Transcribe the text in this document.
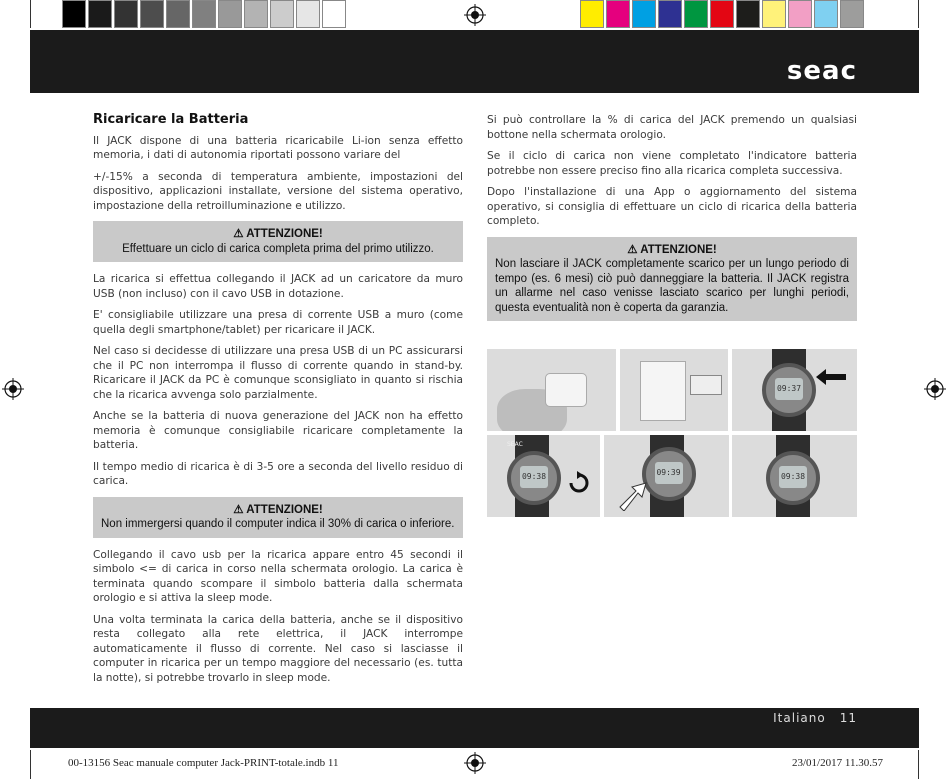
seac
Ricaricare la Batteria

Il JACK dispone di una batteria ricaricabile Li-ion senza effetto memoria, i dati di autonomia riportati possono variare del

+/-15% a seconda di temperatura ambiente, impostazioni del dispositivo, applicazioni installate, versione del sistema operativo, impostazione della retroilluminazione e utilizzo.

⚠ ATTENZIONE!
Effettuare un ciclo di carica completa prima del primo utilizzo.

La ricarica si effettua collegando il JACK ad un caricatore da muro USB (non incluso) con il cavo USB in dotazione.

E' consigliabile utilizzare una presa di corrente USB a muro (come quella degli smartphone/tablet) per ricaricare il JACK.

Nel caso si decidesse di utilizzare una presa USB di un PC assicurarsi che il PC non interrompa il flusso di corrente quando in stand-by. Ricaricare il JACK da PC è comunque sconsigliato in quanto si rischia che la ricarica avvenga solo parzialmente.

Anche se la batteria di nuova generazione del JACK non ha effetto memoria è comunque consigliabile ricaricare completamente la batteria.

Il tempo medio di ricarica è di 3-5 ore a seconda del livello residuo di carica.

⚠ ATTENZIONE!
Non immergersi quando il computer indica il 30% di carica o inferiore.

Collegando il cavo usb per la ricarica appare entro 45 secondi il simbolo <= di carica in corso nella schermata orologio. La carica è terminata quando scompare il simbolo batteria dalla schermata orologio e si attiva la sleep mode.

Una volta terminata la carica della batteria, anche se il dispositivo resta collegato alla rete elettrica, il JACK interrompe automaticamente il flusso di corrente. Nel caso si lasciasse il computer in ricarica per un tempo maggiore del necessario (es. tutta la notte), si potrebbe trovarlo in sleep mode.

Si può controllare la % di carica del JACK premendo un qualsiasi bottone nella schermata orologio.

Se il ciclo di carica non viene completato l'indicatore batteria potrebbe non essere preciso fino alla ricarica completa successiva.

Dopo l'installazione di una App o aggiornamento del sistema operativo, si consiglia di effettuare un ciclo di ricarica della batteria completo.

⚠ ATTENZIONE!
Non lasciare il JACK completamente scarico per un lungo periodo di tempo (es. 6 mesi) ciò può danneggiare la batteria. Il JACK registra un allarme nel caso venisse lasciato scarico per lunghi periodi, questa eventualità non è coperta da garanzia.
09:37
09:38
SEAC
09:39	09:38
Italiano 11
00-13156 Seac manuale computer Jack-PRINT-totale.indb 11	23/01/2017 11.30.57
